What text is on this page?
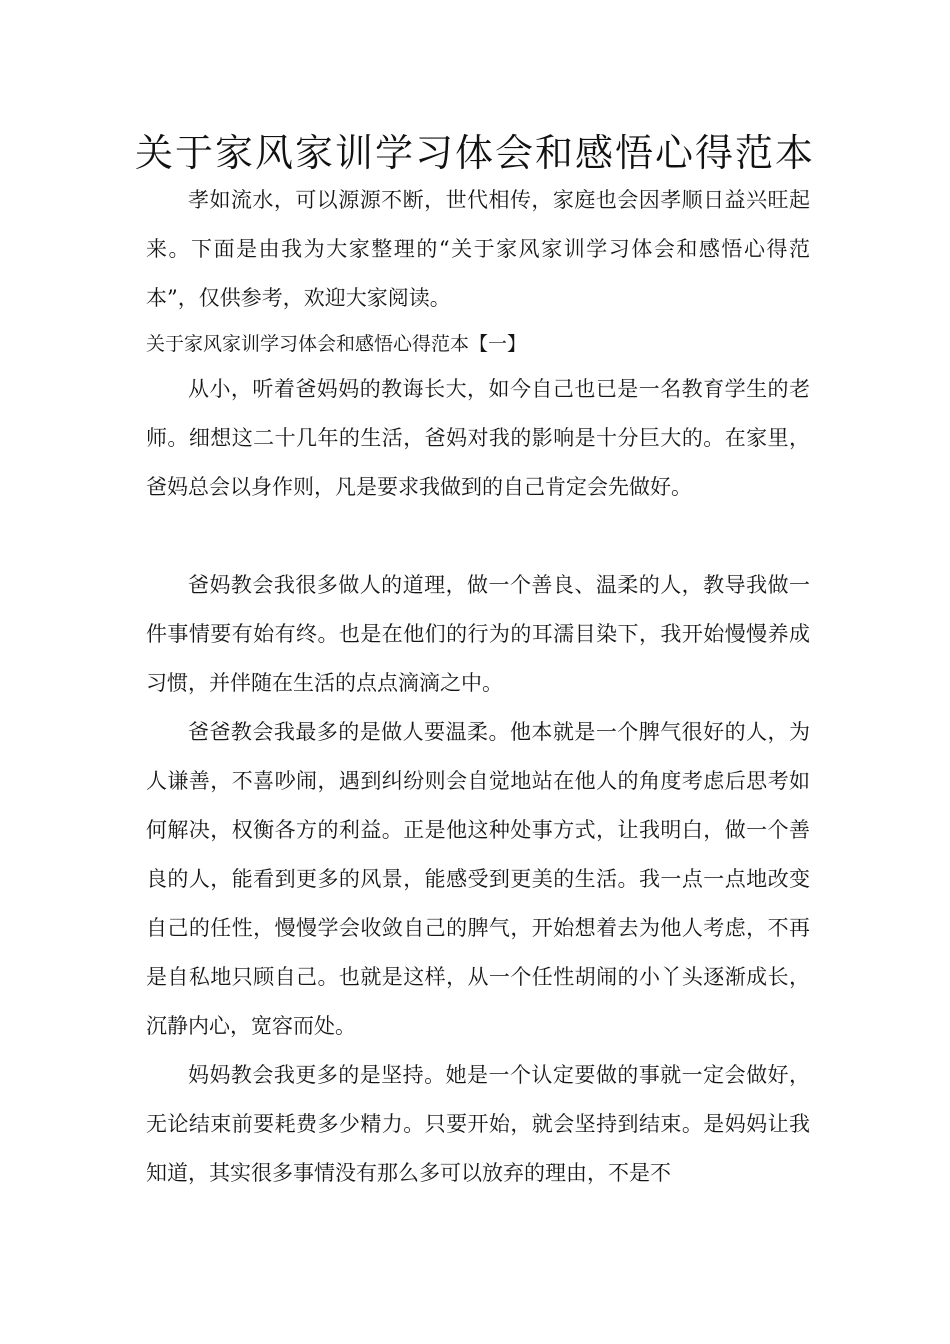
关于家风家训学习体会和感悟心得范本

孝如流水，可以源源不断，世代相传，家庭也会因孝顺日益兴旺起来。下面是由我为大家整理的“关于家风家训学习体会和感悟心得范本”，仅供参考，欢迎大家阅读。

关于家风家训学习体会和感悟心得范本【一】

从小，听着爸妈妈的教诲长大，如今自己也已是一名教育学生的老师。细想这二十几年的生活，爸妈对我的影响是十分巨大的。在家里，爸妈总会以身作则，凡是要求我做到的自己肯定会先做好。

爸妈教会我很多做人的道理，做一个善良、温柔的人，教导我做一件事情要有始有终。也是在他们的行为的耳濡目染下，我开始慢慢养成习惯，并伴随在生活的点点滴滴之中。

爸爸教会我最多的是做人要温柔。他本就是一个脾气很好的人，为人谦善，不喜吵闹，遇到纠纷则会自觉地站在他人的角度考虑后思考如何解决，权衡各方的利益。正是他这种处事方式，让我明白，做一个善良的人，能看到更多的风景，能感受到更美的生活。我一点一点地改变自己的任性，慢慢学会收敛自己的脾气，开始想着去为他人考虑，不再是自私地只顾自己。也就是这样，从一个任性胡闹的小丫头逐渐成长，沉静内心，宽容而处。

妈妈教会我更多的是坚持。她是一个认定要做的事就一定会做好，无论结束前要耗费多少精力。只要开始，就会坚持到结束。是妈妈让我知道，其实很多事情没有那么多可以放弃的理由，不是不
